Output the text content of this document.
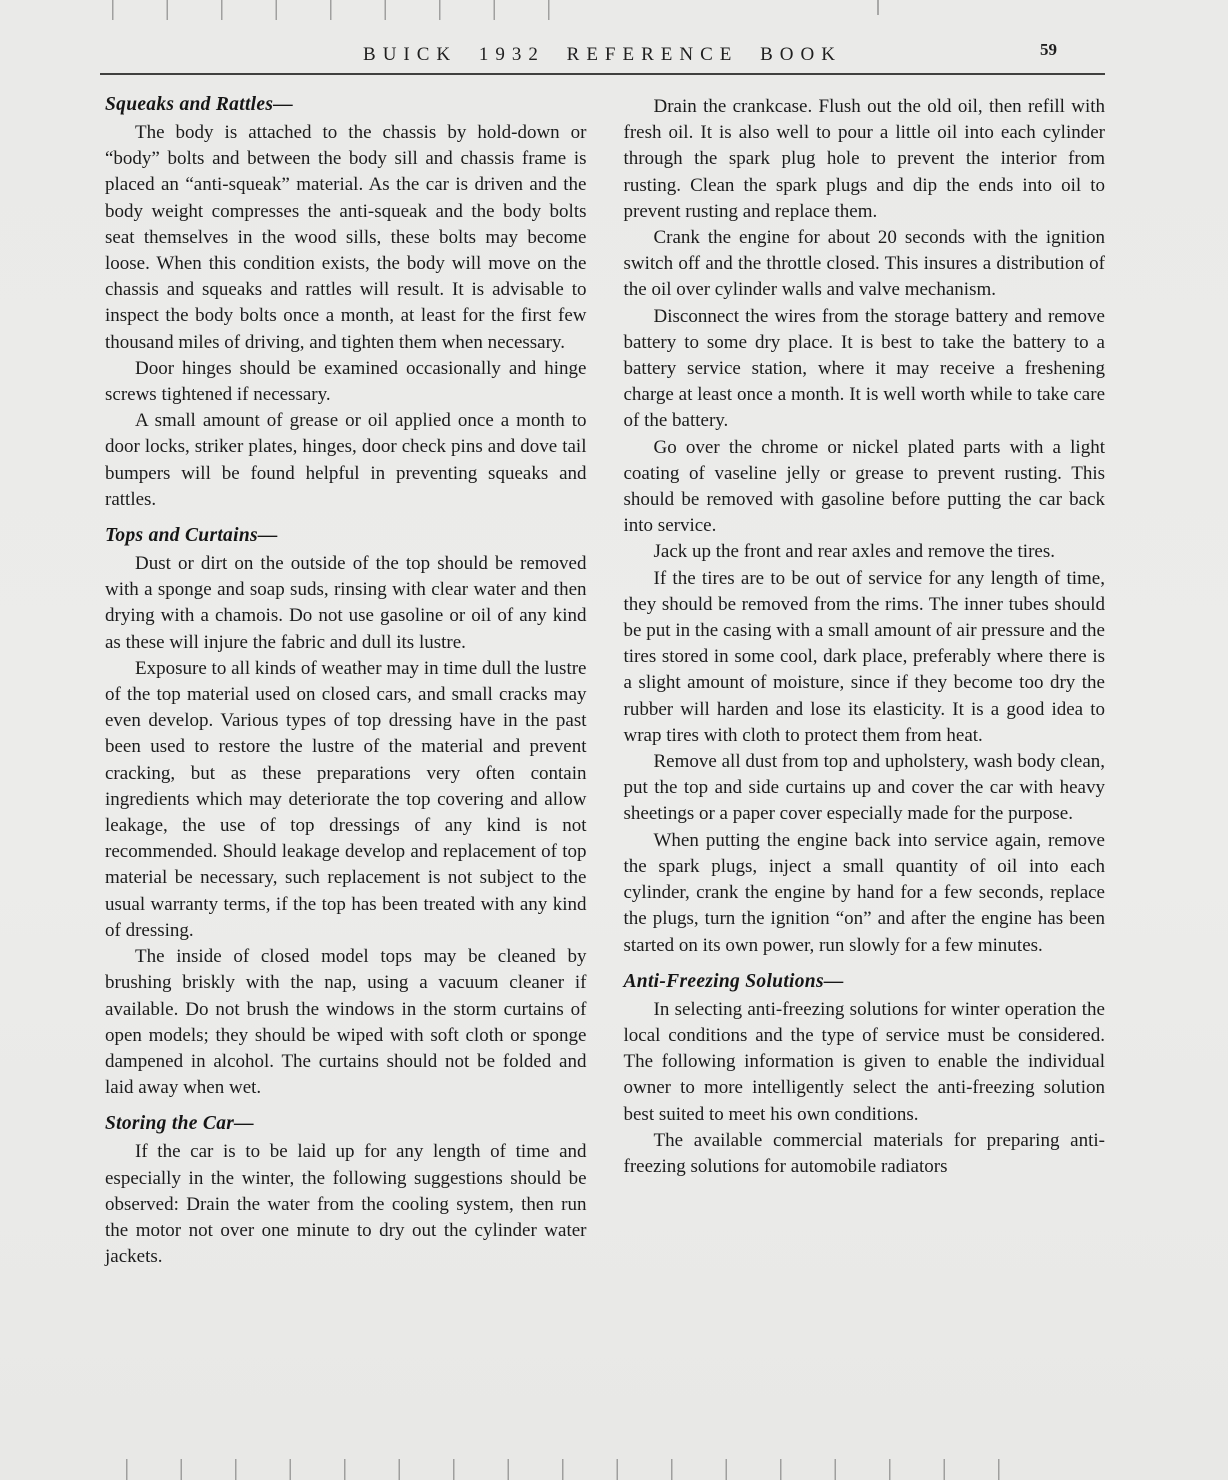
BUICK 1932 REFERENCE BOOK	59
Squeaks and Rattles—

The body is attached to the chassis by hold-down or “body” bolts and between the body sill and chassis frame is placed an “anti-squeak” material. As the car is driven and the body weight compresses the anti-squeak and the body bolts seat themselves in the wood sills, these bolts may become loose. When this condition exists, the body will move on the chassis and squeaks and rattles will result. It is advisable to inspect the body bolts once a month, at least for the first few thousand miles of driving, and tighten them when necessary.

Door hinges should be examined occasionally and hinge screws tightened if necessary.

A small amount of grease or oil applied once a month to door locks, striker plates, hinges, door check pins and dove tail bumpers will be found helpful in preventing squeaks and rattles.

Tops and Curtains—

Dust or dirt on the outside of the top should be removed with a sponge and soap suds, rinsing with clear water and then drying with a chamois. Do not use gasoline or oil of any kind as these will injure the fabric and dull its lustre.

Exposure to all kinds of weather may in time dull the lustre of the top material used on closed cars, and small cracks may even develop. Various types of top dressing have in the past been used to restore the lustre of the material and prevent cracking, but as these preparations very often contain ingredients which may deteriorate the top covering and allow leakage, the use of top dressings of any kind is not recommended. Should leakage develop and replacement of top material be necessary, such replacement is not subject to the usual warranty terms, if the top has been treated with any kind of dressing.

The inside of closed model tops may be cleaned by brushing briskly with the nap, using a vacuum cleaner if available. Do not brush the windows in the storm curtains of open models; they should be wiped with soft cloth or sponge dampened in alcohol. The curtains should not be folded and laid away when wet.

Storing the Car—

If the car is to be laid up for any length of time and especially in the winter, the following suggestions should be observed: Drain the water from the cooling system, then run the motor not over one minute to dry out the cylinder water jackets.

Drain the crankcase. Flush out the old oil, then refill with fresh oil. It is also well to pour a little oil into each cylinder through the spark plug hole to prevent the interior from rusting. Clean the spark plugs and dip the ends into oil to prevent rusting and replace them.

Crank the engine for about 20 seconds with the ignition switch off and the throttle closed. This insures a distribution of the oil over cylinder walls and valve mechanism.

Disconnect the wires from the storage battery and remove battery to some dry place. It is best to take the battery to a battery service station, where it may receive a freshening charge at least once a month. It is well worth while to take care of the battery.

Go over the chrome or nickel plated parts with a light coating of vaseline jelly or grease to prevent rusting. This should be removed with gasoline before putting the car back into service.

Jack up the front and rear axles and remove the tires.

If the tires are to be out of service for any length of time, they should be removed from the rims. The inner tubes should be put in the casing with a small amount of air pressure and the tires stored in some cool, dark place, preferably where there is a slight amount of moisture, since if they become too dry the rubber will harden and lose its elasticity. It is a good idea to wrap tires with cloth to protect them from heat.

Remove all dust from top and upholstery, wash body clean, put the top and side curtains up and cover the car with heavy sheetings or a paper cover especially made for the purpose.

When putting the engine back into service again, remove the spark plugs, inject a small quantity of oil into each cylinder, crank the engine by hand for a few seconds, replace the plugs, turn the ignition “on” and after the engine has been started on its own power, run slowly for a few minutes.

Anti-Freezing Solutions—

In selecting anti-freezing solutions for winter operation the local conditions and the type of service must be considered. The following information is given to enable the individual owner to more intelligently select the anti-freezing solution best suited to meet his own conditions.

The available commercial materials for preparing anti-freezing solutions for automobile radiators
